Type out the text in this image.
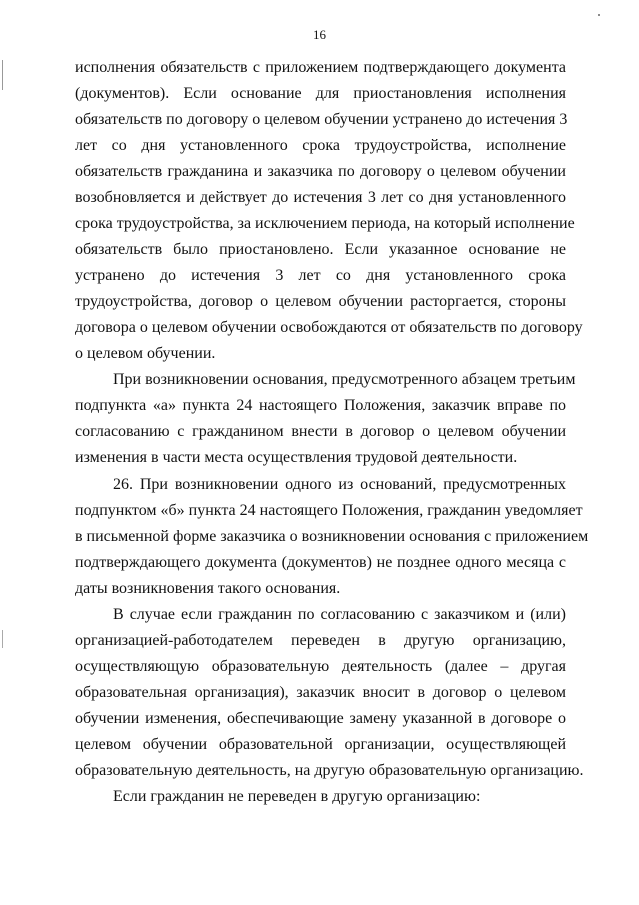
16
исполнения обязательств с приложением подтверждающего документа
(документов). Если основание для приостановления исполнения
обязательств по договору о целевом обучении устранено до истечения 3
лет со дня установленного срока трудоустройства, исполнение
обязательств гражданина и заказчика по договору о целевом обучении
возобновляется и действует до истечения 3 лет со дня установленного
срока трудоустройства, за исключением периода, на который исполнение
обязательств было приостановлено. Если указанное основание не
устранено до истечения 3 лет со дня установленного срока
трудоустройства, договор о целевом обучении расторгается, стороны
договора о целевом обучении освобождаются от обязательств по договору
о целевом обучении.
При возникновении основания, предусмотренного абзацем третьим
подпункта «а» пункта 24 настоящего Положения, заказчик вправе по
согласованию с гражданином внести в договор о целевом обучении
изменения в части места осуществления трудовой деятельности.
26. При возникновении одного из оснований, предусмотренных
подпунктом «б» пункта 24 настоящего Положения, гражданин уведомляет
в письменной форме заказчика о возникновении основания с приложением
подтверждающего документа (документов) не позднее одного месяца с
даты возникновения такого основания.
В случае если гражданин по согласованию с заказчиком и (или)
организацией-работодателем переведен в другую организацию,
осуществляющую образовательную деятельность (далее – другая
образовательная организация), заказчик вносит в договор о целевом
обучении изменения, обеспечивающие замену указанной в договоре о
целевом обучении образовательной организации, осуществляющей
образовательную деятельность, на другую образовательную организацию.
Если гражданин не переведен в другую организацию:
